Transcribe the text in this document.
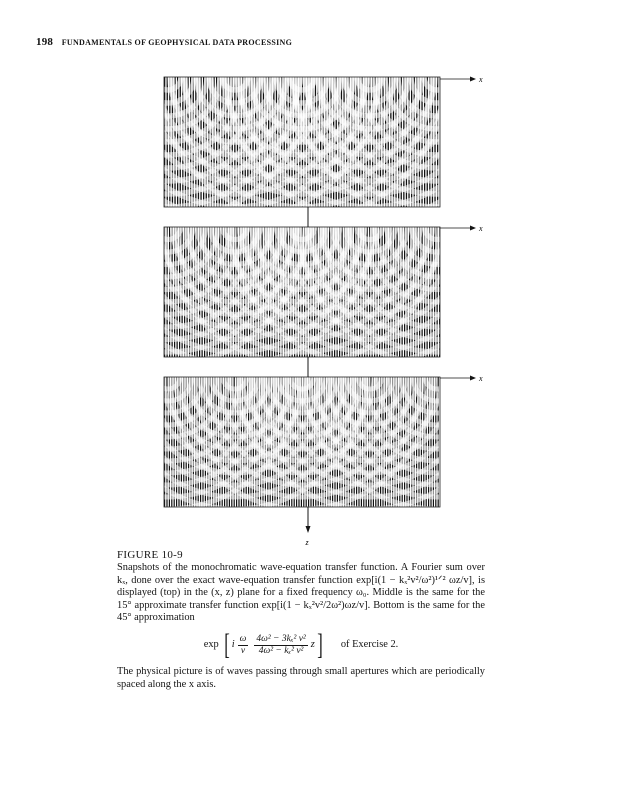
198 FUNDAMENTALS OF GEOPHYSICAL DATA PROCESSING
x
x
x
z
FIGURE 10-9

Snapshots of the monochromatic wave-equation transfer function. A Fourier sum over kₓ, done over the exact wave-equation transfer function exp[i(1 − kₓ²v²/ω²)¹ᐟ² ωz/v], is displayed (top) in the (x, z) plane for a fixed frequency ω₀. Middle is the same for the 15° approximate transfer function exp[i(1 − kₓ²v²/2ω²)ωz/v]. Bottom is the same for the 45° approximation

exp [ i $\frac{\omega}{v} \frac{\text{4ω² − 3kₓ² v²}}{\text{4ω² − kₓ² v²}}$ z ] of Exercise 2.
The physical picture is of waves passing through small apertures which are periodically spaced along the x axis.
